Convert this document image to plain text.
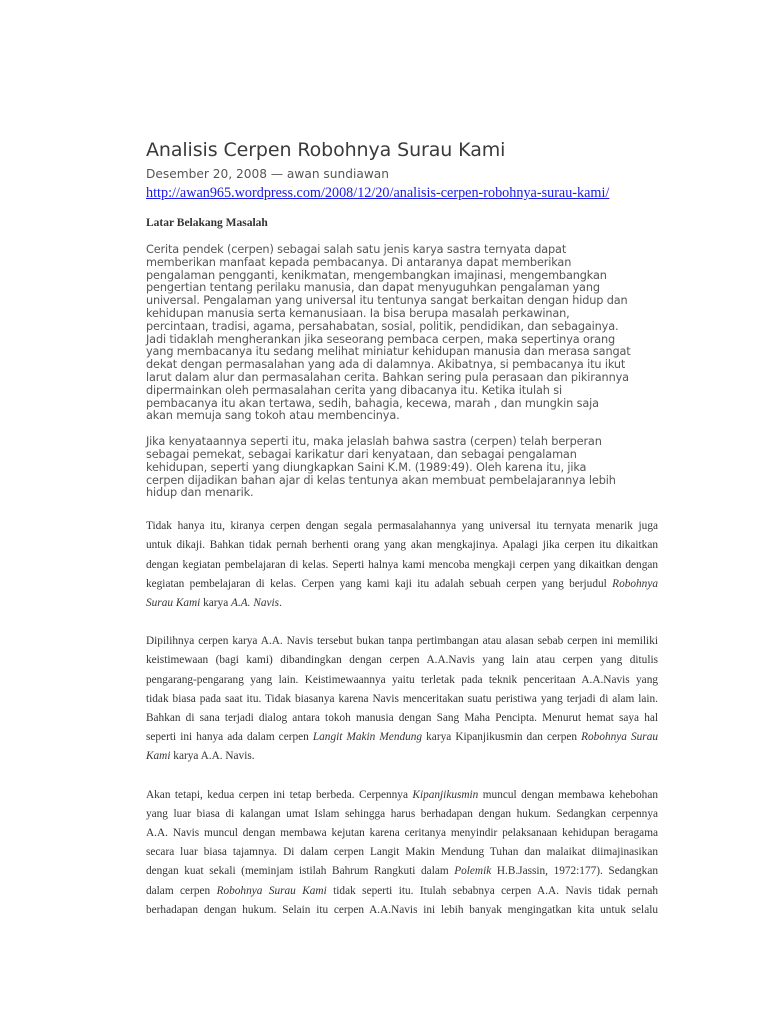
Analisis Cerpen Robohnya Surau Kami
Desember 20, 2008 — awan sundiawan
http://awan965.wordpress.com/2008/12/20/analisis-cerpen-robohnya-surau-kami/
Latar Belakang Masalah

Cerita pendek (cerpen) sebagai salah satu jenis karya sastra ternyata dapat
memberikan manfaat kepada pembacanya. Di antaranya dapat memberikan
pengalaman pengganti, kenikmatan, mengembangkan imajinasi, mengembangkan
pengertian tentang perilaku manusia, dan dapat menyuguhkan pengalaman yang
universal. Pengalaman yang universal itu tentunya sangat berkaitan dengan hidup dan
kehidupan manusia serta kemanusiaan. Ia bisa berupa masalah perkawinan,
percintaan, tradisi, agama, persahabatan, sosial, politik, pendidikan, dan sebagainya.
Jadi tidaklah mengherankan jika seseorang pembaca cerpen, maka sepertinya orang
yang membacanya itu sedang melihat miniatur kehidupan manusia dan merasa sangat
dekat dengan permasalahan yang ada di dalamnya. Akibatnya, si pembacanya itu ikut
larut dalam alur dan permasalahan cerita. Bahkan sering pula perasaan dan pikirannya
dipermainkan oleh permasalahan cerita yang dibacanya itu. Ketika itulah si
pembacanya itu akan tertawa, sedih, bahagia, kecewa, marah , dan mungkin saja
akan memuja sang tokoh atau membencinya.

Jika kenyataannya seperti itu, maka jelaslah bahwa sastra (cerpen) telah berperan
sebagai pemekat, sebagai karikatur dari kenyataan, dan sebagai pengalaman
kehidupan, seperti yang diungkapkan Saini K.M. (1989:49). Oleh karena itu, jika
cerpen dijadikan bahan ajar di kelas tentunya akan membuat pembelajarannya lebih
hidup dan menarik.

Tidak hanya itu, kiranya cerpen dengan segala permasalahannya yang universal itu ternyata menarik juga
untuk dikaji. Bahkan tidak pernah berhenti orang yang akan mengkajinya. Apalagi jika cerpen itu dikaitkan
dengan kegiatan pembelajaran di kelas. Seperti halnya kami mencoba mengkaji cerpen yang dikaitkan dengan
kegiatan pembelajaran di kelas. Cerpen yang kami kaji itu adalah sebuah cerpen yang berjudul Robohnya
Surau Kami karya A.A. Navis.

Dipilihnya cerpen karya A.A. Navis tersebut bukan tanpa pertimbangan atau alasan sebab cerpen ini memiliki
keistimewaan (bagi kami) dibandingkan dengan cerpen A.A.Navis yang lain atau cerpen yang ditulis
pengarang-pengarang yang lain. Keistimewaannya yaitu terletak pada teknik penceritaan A.A.Navis yang
tidak biasa pada saat itu. Tidak biasanya karena Navis menceritakan suatu peristiwa yang terjadi di alam lain.
Bahkan di sana terjadi dialog antara tokoh manusia dengan Sang Maha Pencipta. Menurut hemat saya hal
seperti ini hanya ada dalam cerpen Langit Makin Mendung karya Kipanjikusmin dan cerpen Robohnya Surau
Kami karya A.A. Navis.

Akan tetapi, kedua cerpen ini tetap berbeda. Cerpennya Kipanjikusmin muncul dengan membawa kehebohan
yang luar biasa di kalangan umat Islam sehingga harus berhadapan dengan hukum. Sedangkan cerpennya
A.A. Navis muncul dengan membawa kejutan karena ceritanya menyindir pelaksanaan kehidupan beragama
secara luar biasa tajamnya. Di dalam cerpen Langit Makin Mendung Tuhan dan malaikat diimajinasikan
dengan kuat sekali (meminjam istilah Bahrum Rangkuti dalam Polemik H.B.Jassin, 1972:177). Sedangkan
dalam cerpen Robohnya Surau Kami tidak seperti itu. Itulah sebabnya cerpen A.A. Navis tidak pernah
berhadapan dengan hukum. Selain itu cerpen A.A.Navis ini lebih banyak mengingatkan kita untuk selalu
